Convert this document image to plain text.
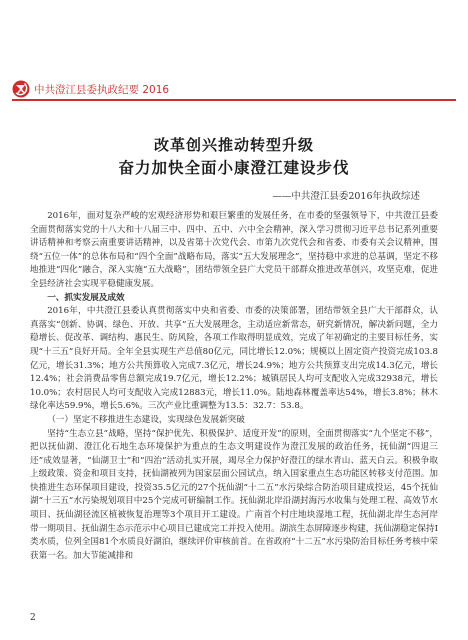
中共澄江县委执政纪要 2016
改革创兴推动转型升级
奋力加快全面小康澄江建设步伐
——中共澄江县委2016年执政综述

2016年，面对复杂严峻的宏观经济形势和艰巨繁重的发展任务，在市委的坚强领导下，中共澄江县委全面贯彻落实党的十八大和十八届三中、四中、五中、六中全会精神，深入学习贯彻习近平总书记系列重要讲话精神和考察云南重要讲话精神，以及省第十次党代会、市第九次党代会和省委、市委有关会议精神，围绕“五位一体”的总体布局和“四个全面”战略布局，落实“五大发展理念”，坚持稳中求进的总基调，坚定不移地推进“四化”融合，深入实施“五大战略”，团结带领全县广大党员干部群众推进改革创兴，攻坚克难，促进全县经济社会实现平稳健康发展。

一、抓实发展及成效

2016年，中共澄江县委认真贯彻落实中央和省委、市委的决策部署，团结带领全县广大干部群众，认真落实“创新、协调、绿色、开放、共享”五大发展理念，主动适应新常态，研究新情况，解决新问题，全力稳增长、促改革、调结构、惠民生、防风险，各项工作取得明显成效，完成了年初确定的主要目标任务，实现“十三五”良好开局。全年全县实现生产总值80亿元，同比增长12.0%；规模以上固定资产投资完成103.8亿元，增长31.3%；地方公共预算收入完成7.3亿元，增长24.9%；地方公共预算支出完成14.3亿元，增长12.4%；社会消费品零售总额完成19.7亿元，增长12.2%；城镇居民人均可支配收入完成32938元，增长10.0%；农村居民人均可支配收入完成12883元，增长11.0%。陆地森林覆盖率达54%，增长3.8%；林木绿化率达59.9%，增长5.6%。三次产业比重调整为13.5：32.7：53.8。

（一）坚定不移推进生态建设，实现绿色发展新突破

坚持“生态立县”战略，坚持“保护优先、积极保护、适度开发”的原则，全面贯彻落实“九个坚定不移”，把以抚仙湖、澄江化石地生态环境保护为重点的生态文明建设作为澄江发展的政治任务，抚仙湖“四退三还”成效显著，“仙湖卫士”和“四治”活动扎实开展，竭尽全力保护好澄江的绿水青山、蓝天白云。积极争取上级政策、资金和项目支持，抚仙湖被列为国家层面公园试点，纳入国家重点生态功能区转移支付范围。加快推进生态环保项目建设，投资35.5亿元的27个抚仙湖“十二五”水污染综合防治项目建成投运，45个抚仙湖“十三五”水污染规划项目中25个完成可研编制工作。抚仙湖北岸沿湖封海污水收集与处理工程、高效节水项目、抚仙湖径流区植被恢复治理等3个项目开工建设。广南首个村庄地块湿地工程，抚仙湖北岸生态河岸带一期项目、抚仙湖生态示范示中心项目已建成完工并投入使用。湖滨生态屏障逐步构建，抚仙湖稳定保持Ⅰ类水质，位列全国81个水质良好湖泊，继续评价审核前首。在省政府“十二五”水污染防治目标任务考核中荣获第一名。加大节能减排和

2
